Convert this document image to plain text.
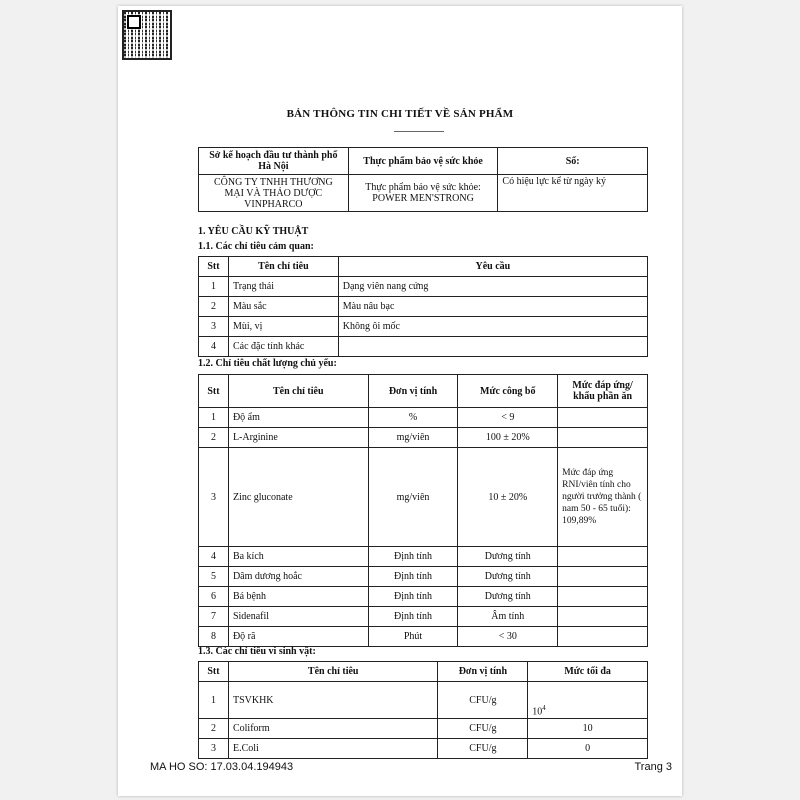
BẢN THÔNG TIN CHI TIẾT VỀ SẢN PHẨM
Sở kế hoạch đầu tư thành phố Hà Nội	Thực phẩm bảo vệ sức khỏe	Số:
CÔNG TY TNHH THƯƠNG MẠI VÀ THẢO DƯỢC VINPHARCO	Thực phẩm bảo vệ sức khỏe: POWER MEN'STRONG	Có hiệu lực kể từ ngày ký
1. YÊU CẦU KỸ THUẬT
1.1. Các chỉ tiêu cảm quan:
Stt	Tên chỉ tiêu	Yêu cầu
1	Trạng thái	Dạng viên nang cứng
2	Màu sắc	Màu nâu bạc
3	Mùi, vị	Không ôi mốc
4	Các đặc tính khác	
1.2. Chỉ tiêu chất lượng chủ yếu:
Stt	Tên chỉ tiêu	Đơn vị tính	Mức công bố	Mức đáp ứng/ khẩu phần ăn
1	Độ ẩm	%	< 9	
2	L-Arginine	mg/viên	100 ± 20%	
3	Zinc gluconate	mg/viên	10 ± 20%	Mức đáp ứng RNI/viên tính cho người trưởng thành ( nam 50 - 65 tuổi): 109,89%
4	Ba kích	Định tính	Dương tính	
5	Dâm dương hoắc	Định tính	Dương tính	
6	Bá bệnh	Định tính	Dương tính	
7	Sidenafil	Định tính	Âm tính	
8	Độ rã	Phút	< 30	
1.3. Các chỉ tiêu vi sinh vật:
Stt	Tên chỉ tiêu	Đơn vị tính	Mức tối đa
1	TSVKHK	CFU/g	$10^4$
2	Coliform	CFU/g	10
3	E.Coli	CFU/g	0
MA HO SO: 17.03.04.194943	Trang 3
